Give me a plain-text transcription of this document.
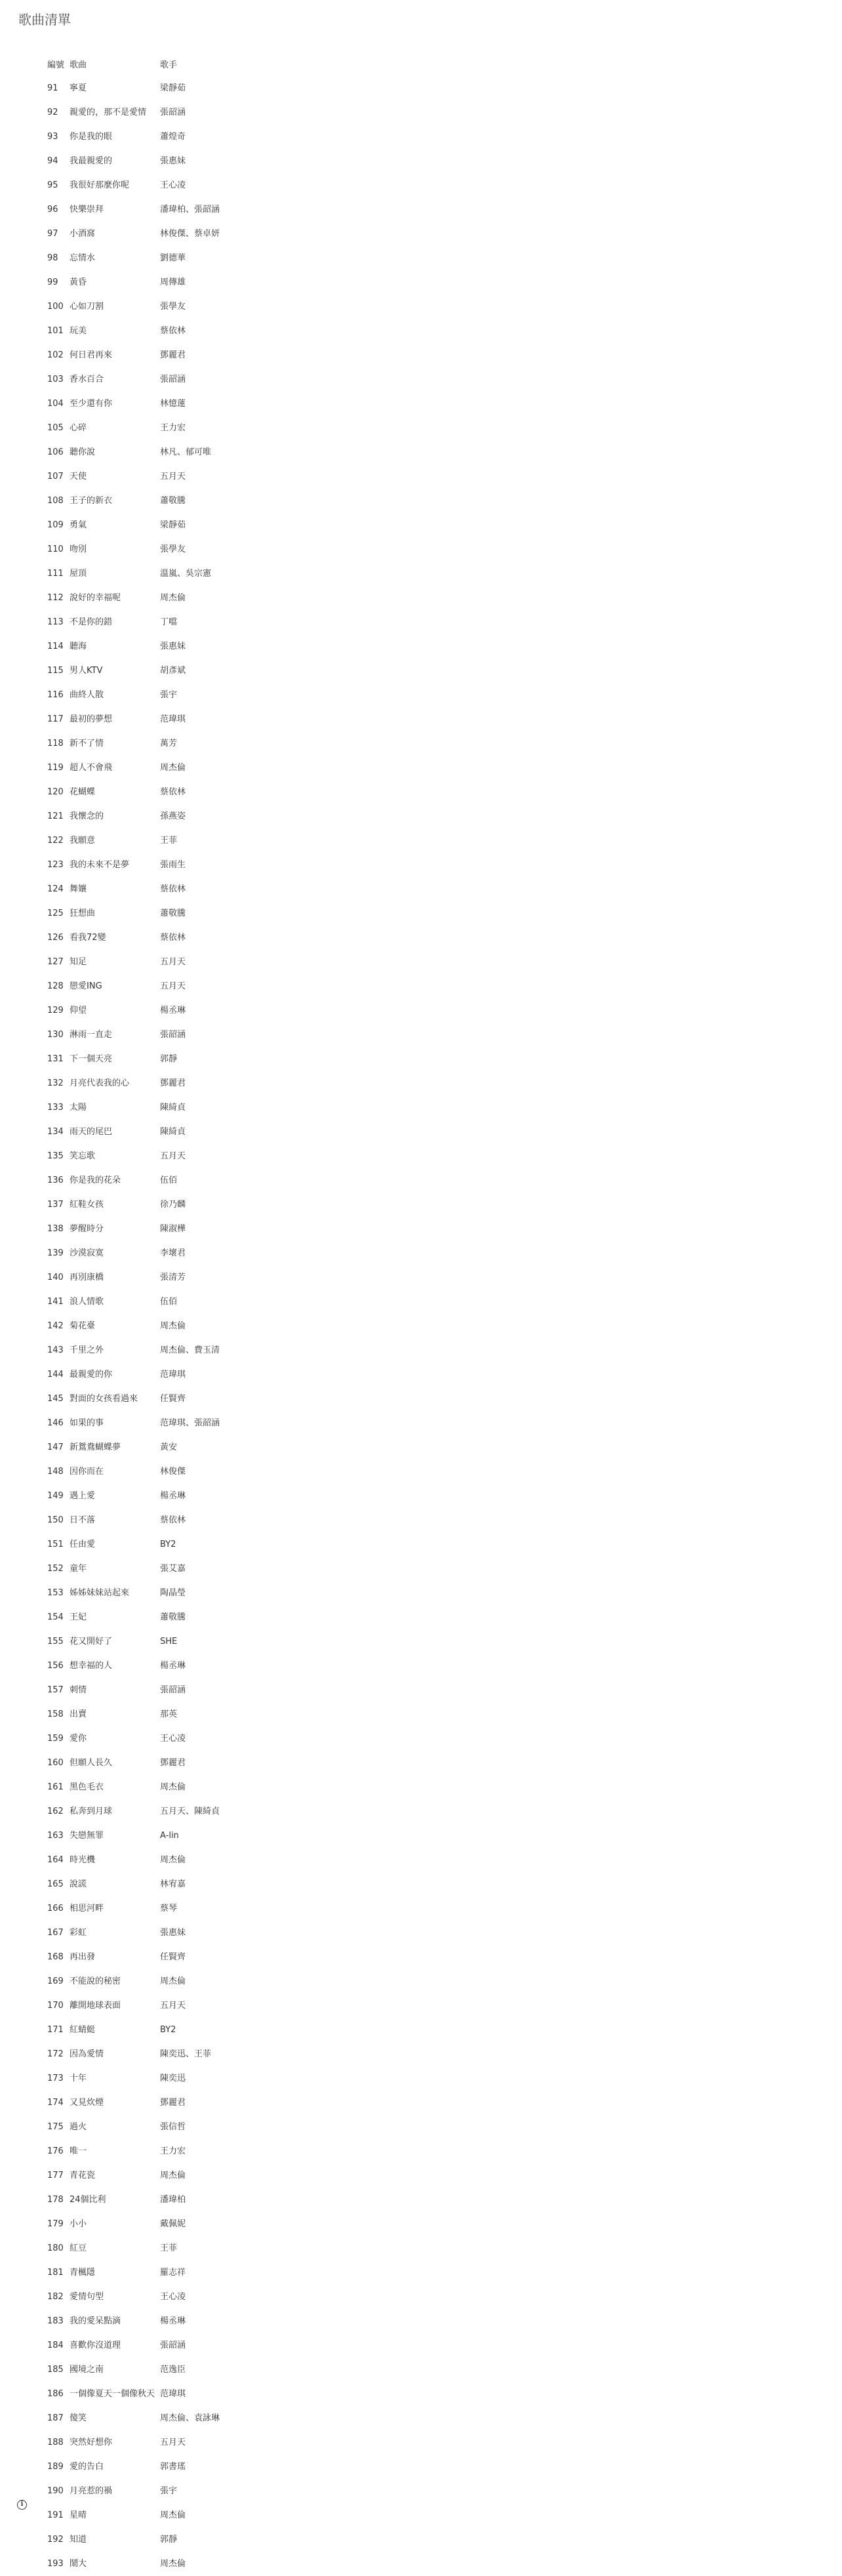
歌曲清單
編號	歌曲	歌手
91	寧夏	梁靜茹
92	親愛的，那不是愛情	張韶涵
93	你是我的眼	蕭煌奇
94	我最親愛的	張惠妹
95	我很好那麼你呢	王心凌
96	快樂崇拜	潘瑋柏、張韶涵
97	小酒窩	林俊傑、蔡卓妍
98	忘情水	劉德華
99	黃昏	周傳雄
100	心如刀割	張學友
101	玩美	蔡依林
102	何日君再來	鄧麗君
103	香水百合	張韶涵
104	至少還有你	林憶蓮
105	心碎	王力宏
106	聽你說	林凡、郁可唯
107	天使	五月天
108	王子的新衣	蕭敬騰
109	勇氣	梁靜茹
110	吻別	張學友
111	屋頂	溫嵐、吳宗憲
112	說好的幸福呢	周杰倫
113	不是你的錯	丁噹
114	聽海	張惠妹
115	男人KTV	胡彥斌
116	曲終人散	張宇
117	最初的夢想	范瑋琪
118	新不了情	萬芳
119	超人不會飛	周杰倫
120	花蝴蝶	蔡依林
121	我懷念的	孫燕姿
122	我願意	王菲
123	我的未來不是夢	張雨生
124	舞孃	蔡依林
125	狂想曲	蕭敬騰
126	看我72變	蔡依林
127	知足	五月天
128	戀愛ING	五月天
129	仰望	楊丞琳
130	淋雨一直走	張韶涵
131	下一個天亮	郭靜
132	月亮代表我的心	鄧麗君
133	太陽	陳綺貞
134	雨天的尾巴	陳綺貞
135	笑忘歌	五月天
136	你是我的花朵	伍佰
137	紅鞋女孩	徐乃麟
138	夢醒時分	陳淑樺
139	沙漠寂寞	李壞君
140	再別康橋	張清芳
141	浪人情歌	伍佰
142	菊花臺	周杰倫
143	千里之外	周杰倫、費玉清
144	最親愛的你	范瑋琪
145	對面的女孩看過來	任賢齊
146	如果的事	范瑋琪、張韶涵
147	新鴛鴦蝴蝶夢	黃安
148	因你而在	林俊傑
149	遇上愛	楊丞琳
150	日不落	蔡依林
151	任由愛	BY2
152	童年	張艾嘉
153	姊姊妹妹站起來	陶晶瑩
154	王妃	蕭敬騰
155	花又開好了	SHE
156	想幸福的人	楊丞琳
157	刺情	張韶涵
158	出賣	那英
159	愛你	王心凌
160	但願人長久	鄧麗君
161	黑色毛衣	周杰倫
162	私奔到月球	五月天、陳綺貞
163	失戀無罪	A-lin
164	時光機	周杰倫
165	說謊	林宥嘉
166	相思河畔	蔡琴
167	彩虹	張惠妹
168	再出發	任賢齊
169	不能說的秘密	周杰倫
170	離開地球表面	五月天
171	紅蜻蜓	BY2
172	因為愛情	陳奕迅、王菲
173	十年	陳奕迅
174	又見炊煙	鄧麗君
175	過火	張信哲
176	唯一	王力宏
177	青花瓷	周杰倫
178	24個比利	潘瑋柏
179	小小	戴佩妮
180	紅豆	王菲
181	青楓隱	羅志祥
182	愛情句型	王心凌
183	我的愛呆點滴	楊丞琳
184	喜歡你沒道理	張韶涵
185	國境之南	范逸臣
186	一個像夏天一個像秋天	范瑋琪
187	傻笑	周杰倫、袁詠琳
188	突然好想你	五月天
189	愛的告白	郭書瑤
190	月亮惹的禍	張宇
191	星晴	周杰倫
192	知道	郭靜
193	鬧大	周杰倫
i
